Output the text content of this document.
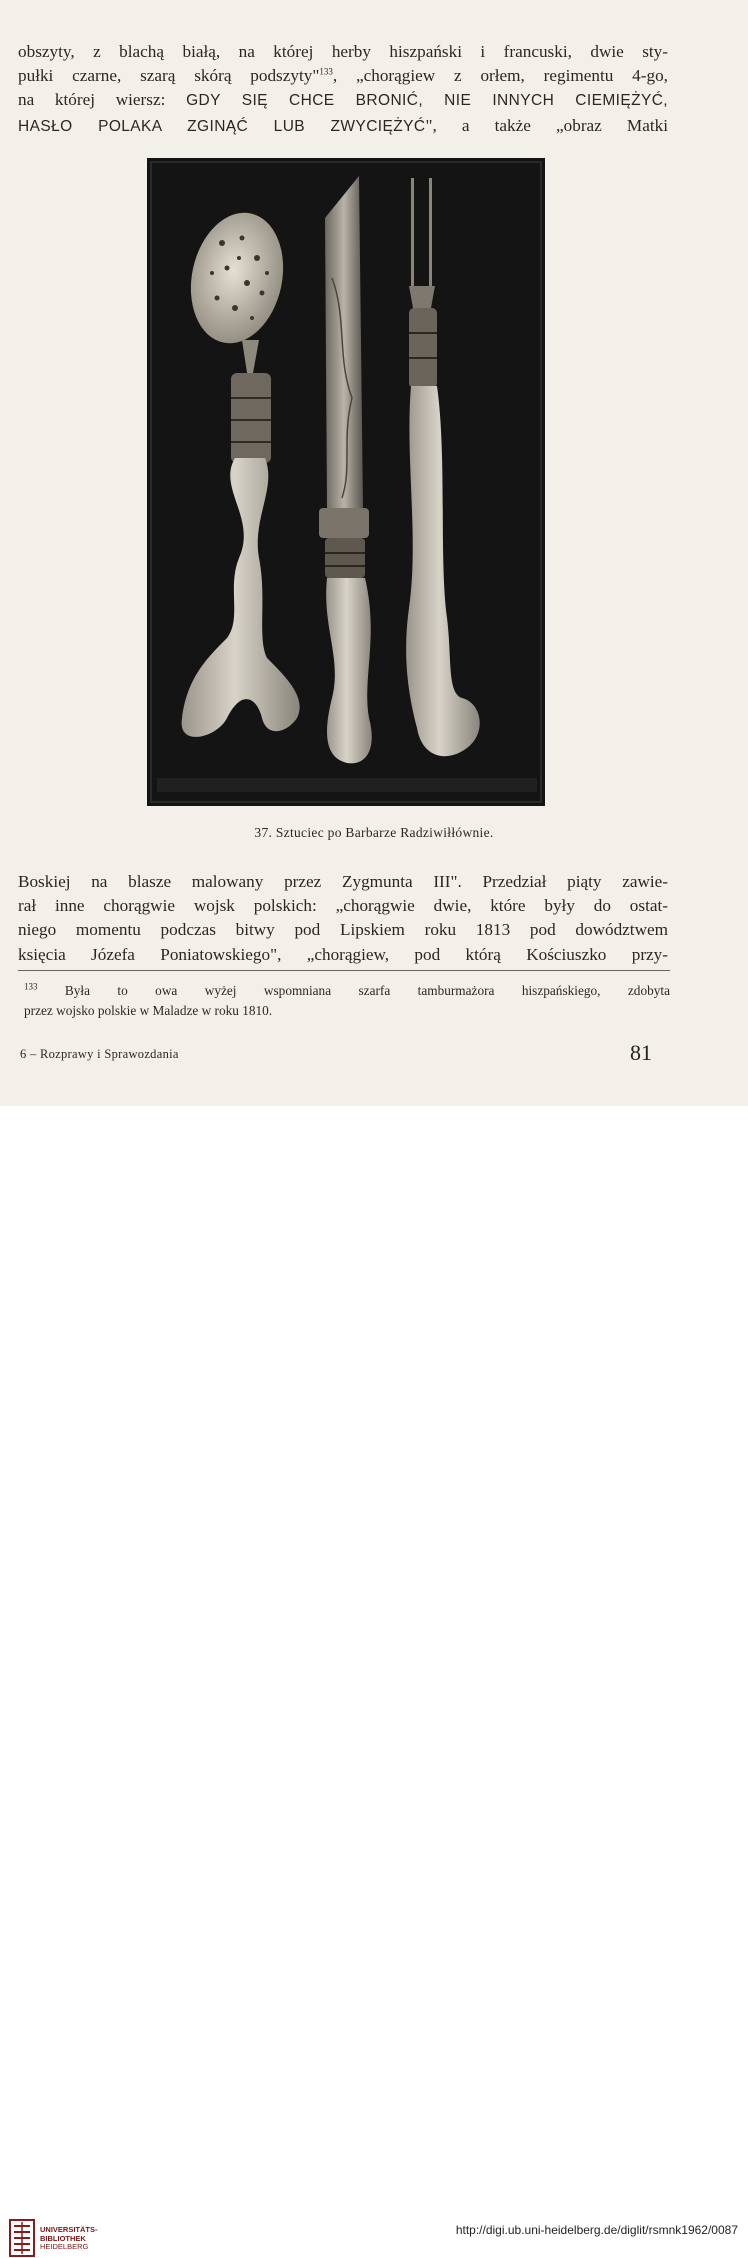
obszyty, z blachą białą, na której herby hiszpański i francuski, dwie sty-
pułki czarne, szarą skórą podszyty"$^{133}$, „chorągiew z orłem, regimentu 4-go,
na której wiersz: GDY SIĘ CHCE BRONIĆ, NIE INNYCH CIEMIĘŻYĆ,
HASŁO POLAKA ZGINĄĆ LUB ZWYCIĘŻYĆ", a także „obraz Matki
37. Sztuciec po Barbarze Radziwiłłównie.
Boskiej na blasze malowany przez Zygmunta III". Przedział piąty zawie-
rał inne chorągwie wojsk polskich: „chorągwie dwie, które były do ostat-
niego momentu podczas bitwy pod Lipskiem roku 1813 pod dowództwem
księcia Józefa Poniatowskiego", „chorągiew, pod którą Kościuszko przy-
$^{133}$ Była to owa wyżej wspomniana szarfa tamburmażora hiszpańskiego, zdobyta
przez wojsko polskie w Maladze w roku 1810.
6 – Rozprawy i Sprawozdania	81
UNIVERSITÄTS-
BIBLIOTHEK
HEIDELBERG
http://digi.ub.uni-heidelberg.de/diglit/rsmnk1962/0087
